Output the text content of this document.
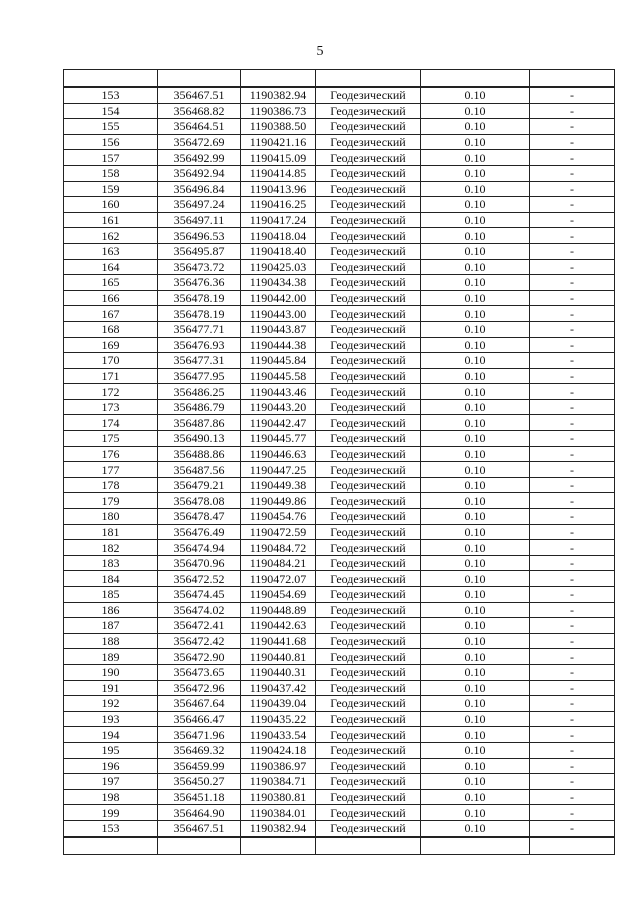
5

153	356467.51	1190382.94	Геодезический	0.10	-
154	356468.82	1190386.73	Геодезический	0.10	-
155	356464.51	1190388.50	Геодезический	0.10	-
156	356472.69	1190421.16	Геодезический	0.10	-
157	356492.99	1190415.09	Геодезический	0.10	-
158	356492.94	1190414.85	Геодезический	0.10	-
159	356496.84	1190413.96	Геодезический	0.10	-
160	356497.24	1190416.25	Геодезический	0.10	-
161	356497.11	1190417.24	Геодезический	0.10	-
162	356496.53	1190418.04	Геодезический	0.10	-
163	356495.87	1190418.40	Геодезический	0.10	-
164	356473.72	1190425.03	Геодезический	0.10	-
165	356476.36	1190434.38	Геодезический	0.10	-
166	356478.19	1190442.00	Геодезический	0.10	-
167	356478.19	1190443.00	Геодезический	0.10	-
168	356477.71	1190443.87	Геодезический	0.10	-
169	356476.93	1190444.38	Геодезический	0.10	-
170	356477.31	1190445.84	Геодезический	0.10	-
171	356477.95	1190445.58	Геодезический	0.10	-
172	356486.25	1190443.46	Геодезический	0.10	-
173	356486.79	1190443.20	Геодезический	0.10	-
174	356487.86	1190442.47	Геодезический	0.10	-
175	356490.13	1190445.77	Геодезический	0.10	-
176	356488.86	1190446.63	Геодезический	0.10	-
177	356487.56	1190447.25	Геодезический	0.10	-
178	356479.21	1190449.38	Геодезический	0.10	-
179	356478.08	1190449.86	Геодезический	0.10	-
180	356478.47	1190454.76	Геодезический	0.10	-
181	356476.49	1190472.59	Геодезический	0.10	-
182	356474.94	1190484.72	Геодезический	0.10	-
183	356470.96	1190484.21	Геодезический	0.10	-
184	356472.52	1190472.07	Геодезический	0.10	-
185	356474.45	1190454.69	Геодезический	0.10	-
186	356474.02	1190448.89	Геодезический	0.10	-
187	356472.41	1190442.63	Геодезический	0.10	-
188	356472.42	1190441.68	Геодезический	0.10	-
189	356472.90	1190440.81	Геодезический	0.10	-
190	356473.65	1190440.31	Геодезический	0.10	-
191	356472.96	1190437.42	Геодезический	0.10	-
192	356467.64	1190439.04	Геодезический	0.10	-
193	356466.47	1190435.22	Геодезический	0.10	-
194	356471.96	1190433.54	Геодезический	0.10	-
195	356469.32	1190424.18	Геодезический	0.10	-
196	356459.99	1190386.97	Геодезический	0.10	-
197	356450.27	1190384.71	Геодезический	0.10	-
198	356451.18	1190380.81	Геодезический	0.10	-
199	356464.90	1190384.01	Геодезический	0.10	-
153	356467.51	1190382.94	Геодезический	0.10	-
